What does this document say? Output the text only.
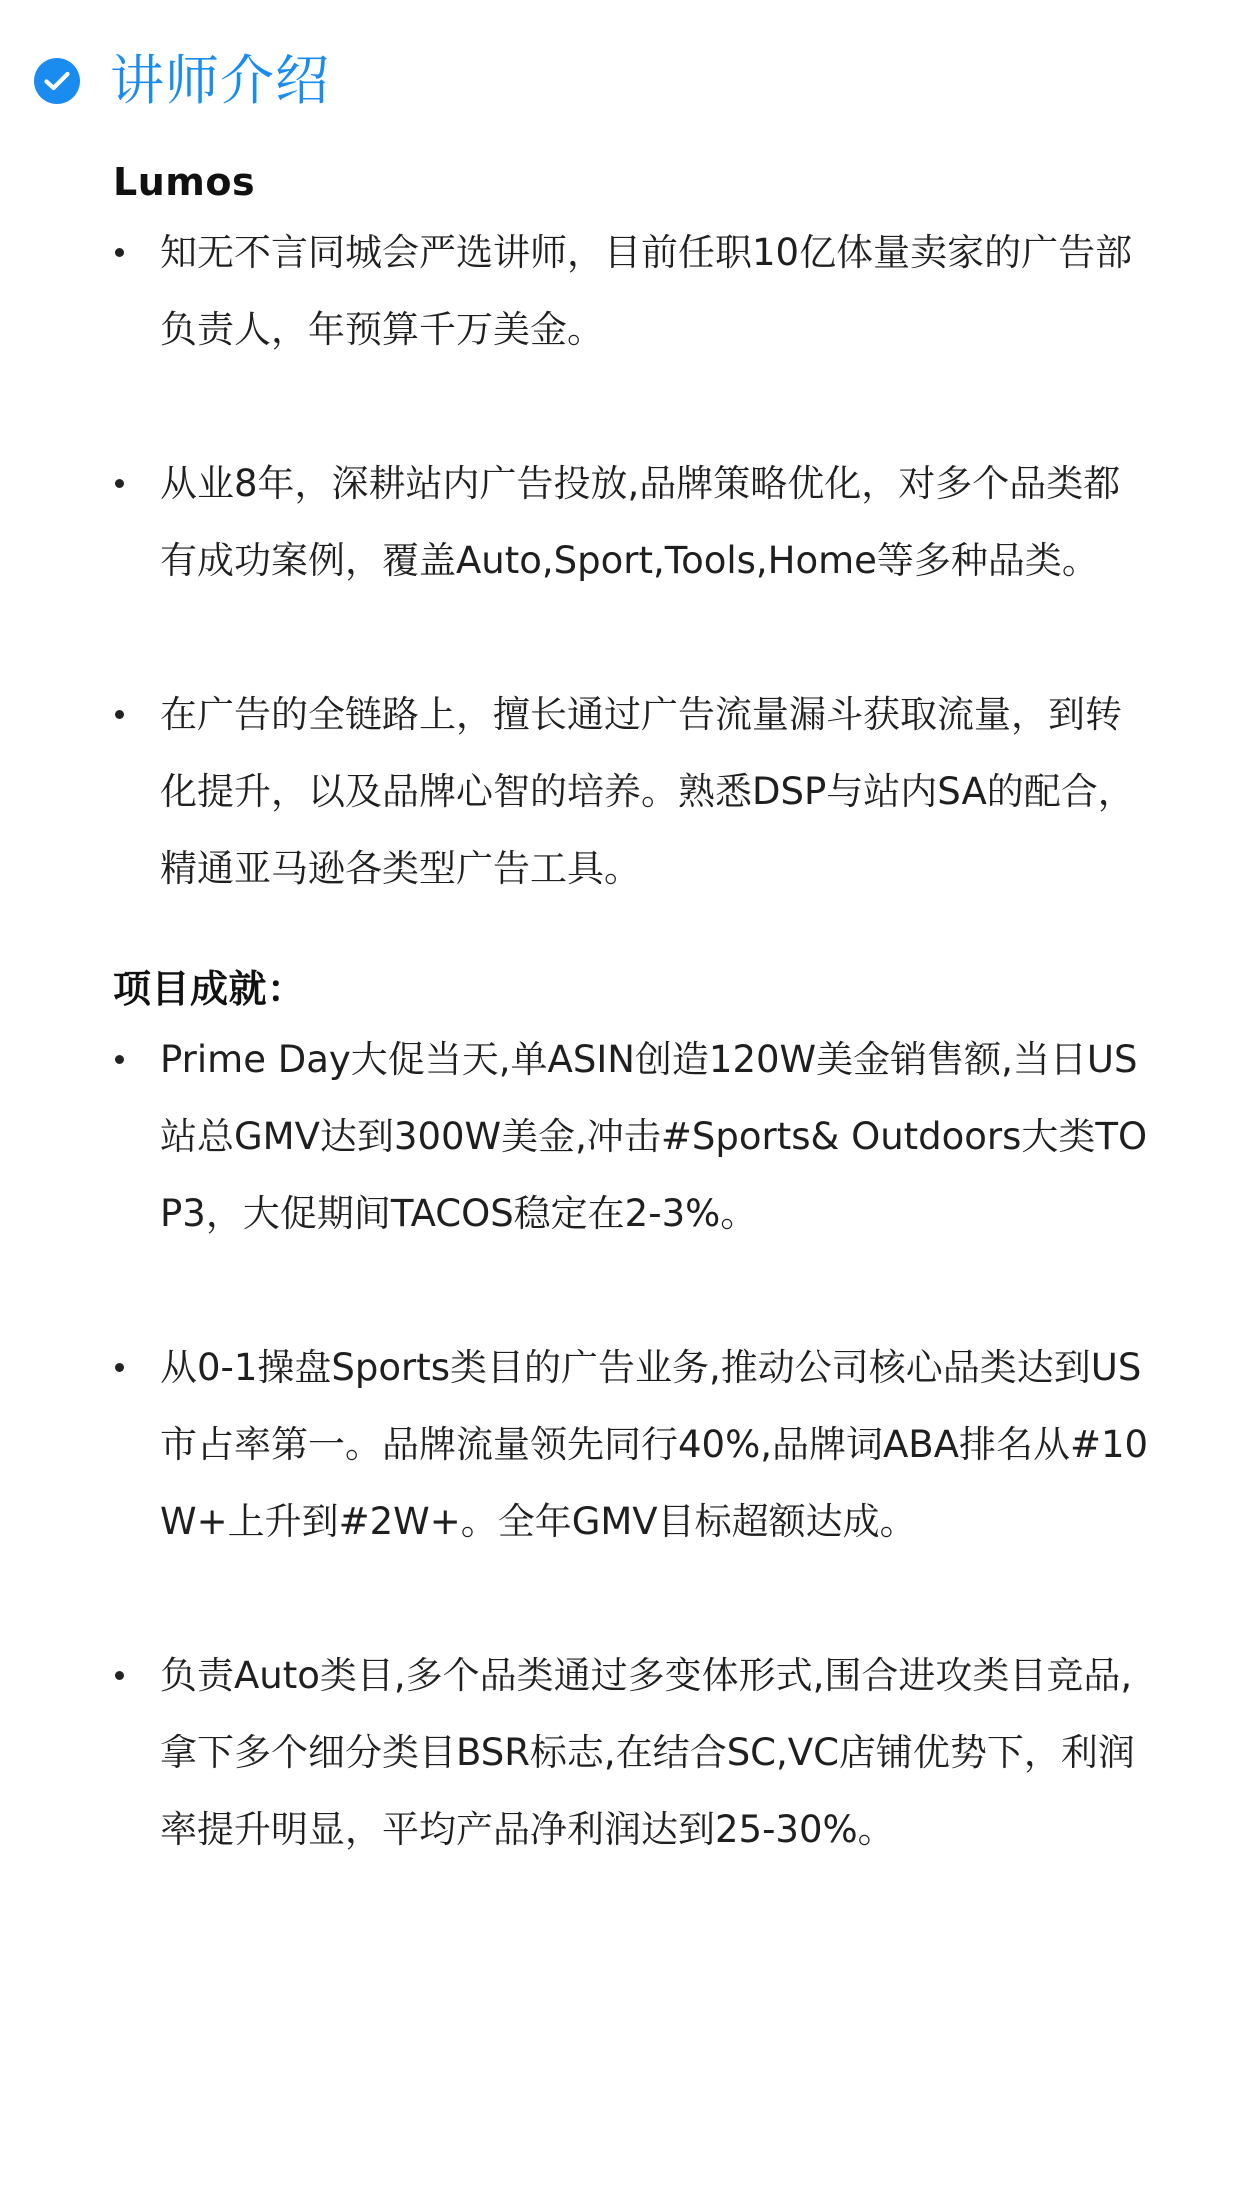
讲师介绍
Lumos
知无不言同城会严选讲师，目前任职10亿体量卖家的广告部负责人，年预算千万美金。
从业8年，深耕站内广告投放,品牌策略优化，对多个品类都有成功案例，覆盖Auto,Sport,Tools,Home等多种品类。
在广告的全链路上，擅长通过广告流量漏斗获取流量，到转化提升，以及品牌心智的培养。熟悉DSP与站内SA的配合，精通亚马逊各类型广告工具。
项目成就：
Prime Day大促当天,单ASIN创造120W美金销售额,当日US站总GMV达到300W美金,冲击#Sports& Outdoors大类TOP3，大促期间TACOS稳定在2-3%。
从0-1操盘Sports类目的广告业务,推动公司核心品类达到US市占率第一。品牌流量领先同行40%,品牌词ABA排名从#10W+上升到#2W+。全年GMV目标超额达成。
负责Auto类目,多个品类通过多变体形式,围合进攻类目竞品,拿下多个细分类目BSR标志,在结合SC,VC店铺优势下，利润率提升明显，平均产品净利润达到25-30%。
